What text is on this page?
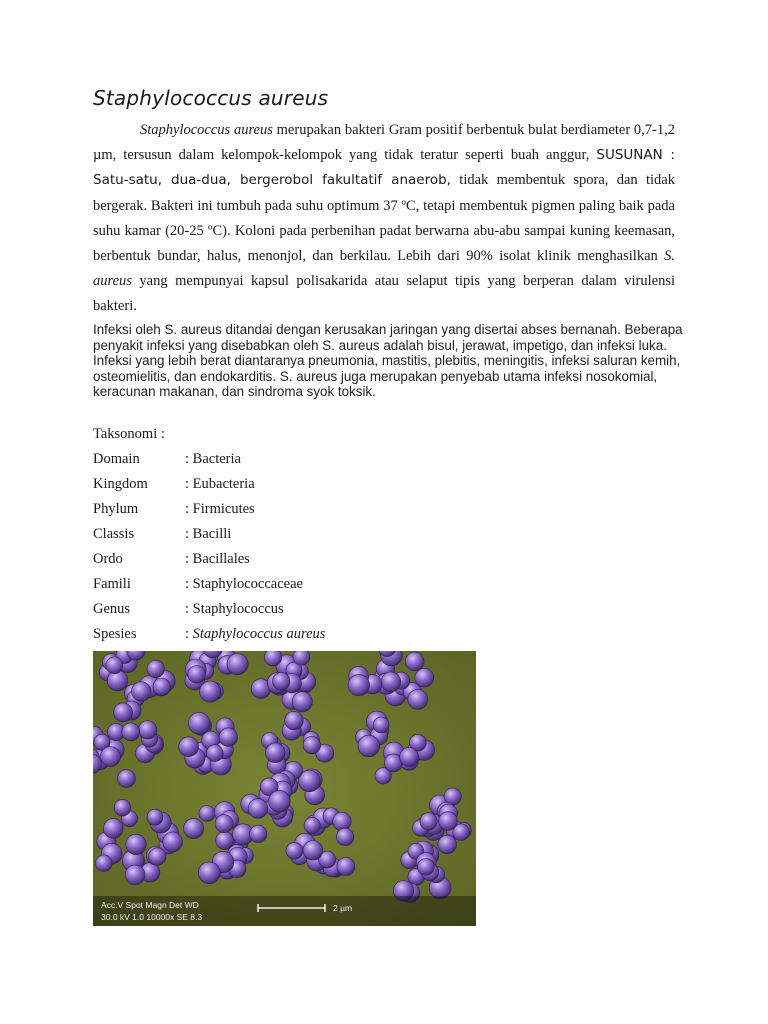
Staphylococcus aureus
Staphylococcus aureus merupakan bakteri Gram positif berbentuk bulat berdiameter 0,7-1,2 µm, tersusun dalam kelompok-kelompok yang tidak teratur seperti buah anggur, SUSUNAN : Satu-satu, dua-dua, bergerobol fakultatif anaerob, tidak membentuk spora, dan tidak bergerak. Bakteri ini tumbuh pada suhu optimum 37 ºC, tetapi membentuk pigmen paling baik pada suhu kamar (20-25 ºC). Koloni pada perbenihan padat berwarna abu-abu sampai kuning keemasan, berbentuk bundar, halus, menonjol, dan berkilau. Lebih dari 90% isolat klinik menghasilkan S. aureus yang mempunyai kapsul polisakarida atau selaput tipis yang berperan dalam virulensi bakteri.
Infeksi oleh S. aureus ditandai dengan kerusakan jaringan yang disertai abses bernanah. Beberapa penyakit infeksi yang disebabkan oleh S. aureus adalah bisul, jerawat, impetigo, dan infeksi luka. Infeksi yang lebih berat diantaranya pneumonia, mastitis, plebitis, meningitis, infeksi saluran kemih, osteomielitis, dan endokarditis. S. aureus juga merupakan penyebab utama infeksi nosokomial, keracunan makanan, dan sindroma syok toksik.
Taksonomi :
Domain	: Bacteria
Kingdom	: Eubacteria
Phylum	: Firmicutes
Classis	: Bacilli
Ordo	: Bacillales
Famili	: Staphylococcaceae
Genus	: Staphylococcus
Spesies	: Staphylococcus aureus
Acc.V Spot Magn Det WD
30.0 kV 1.0 10000x SE 8.3
2 µm
